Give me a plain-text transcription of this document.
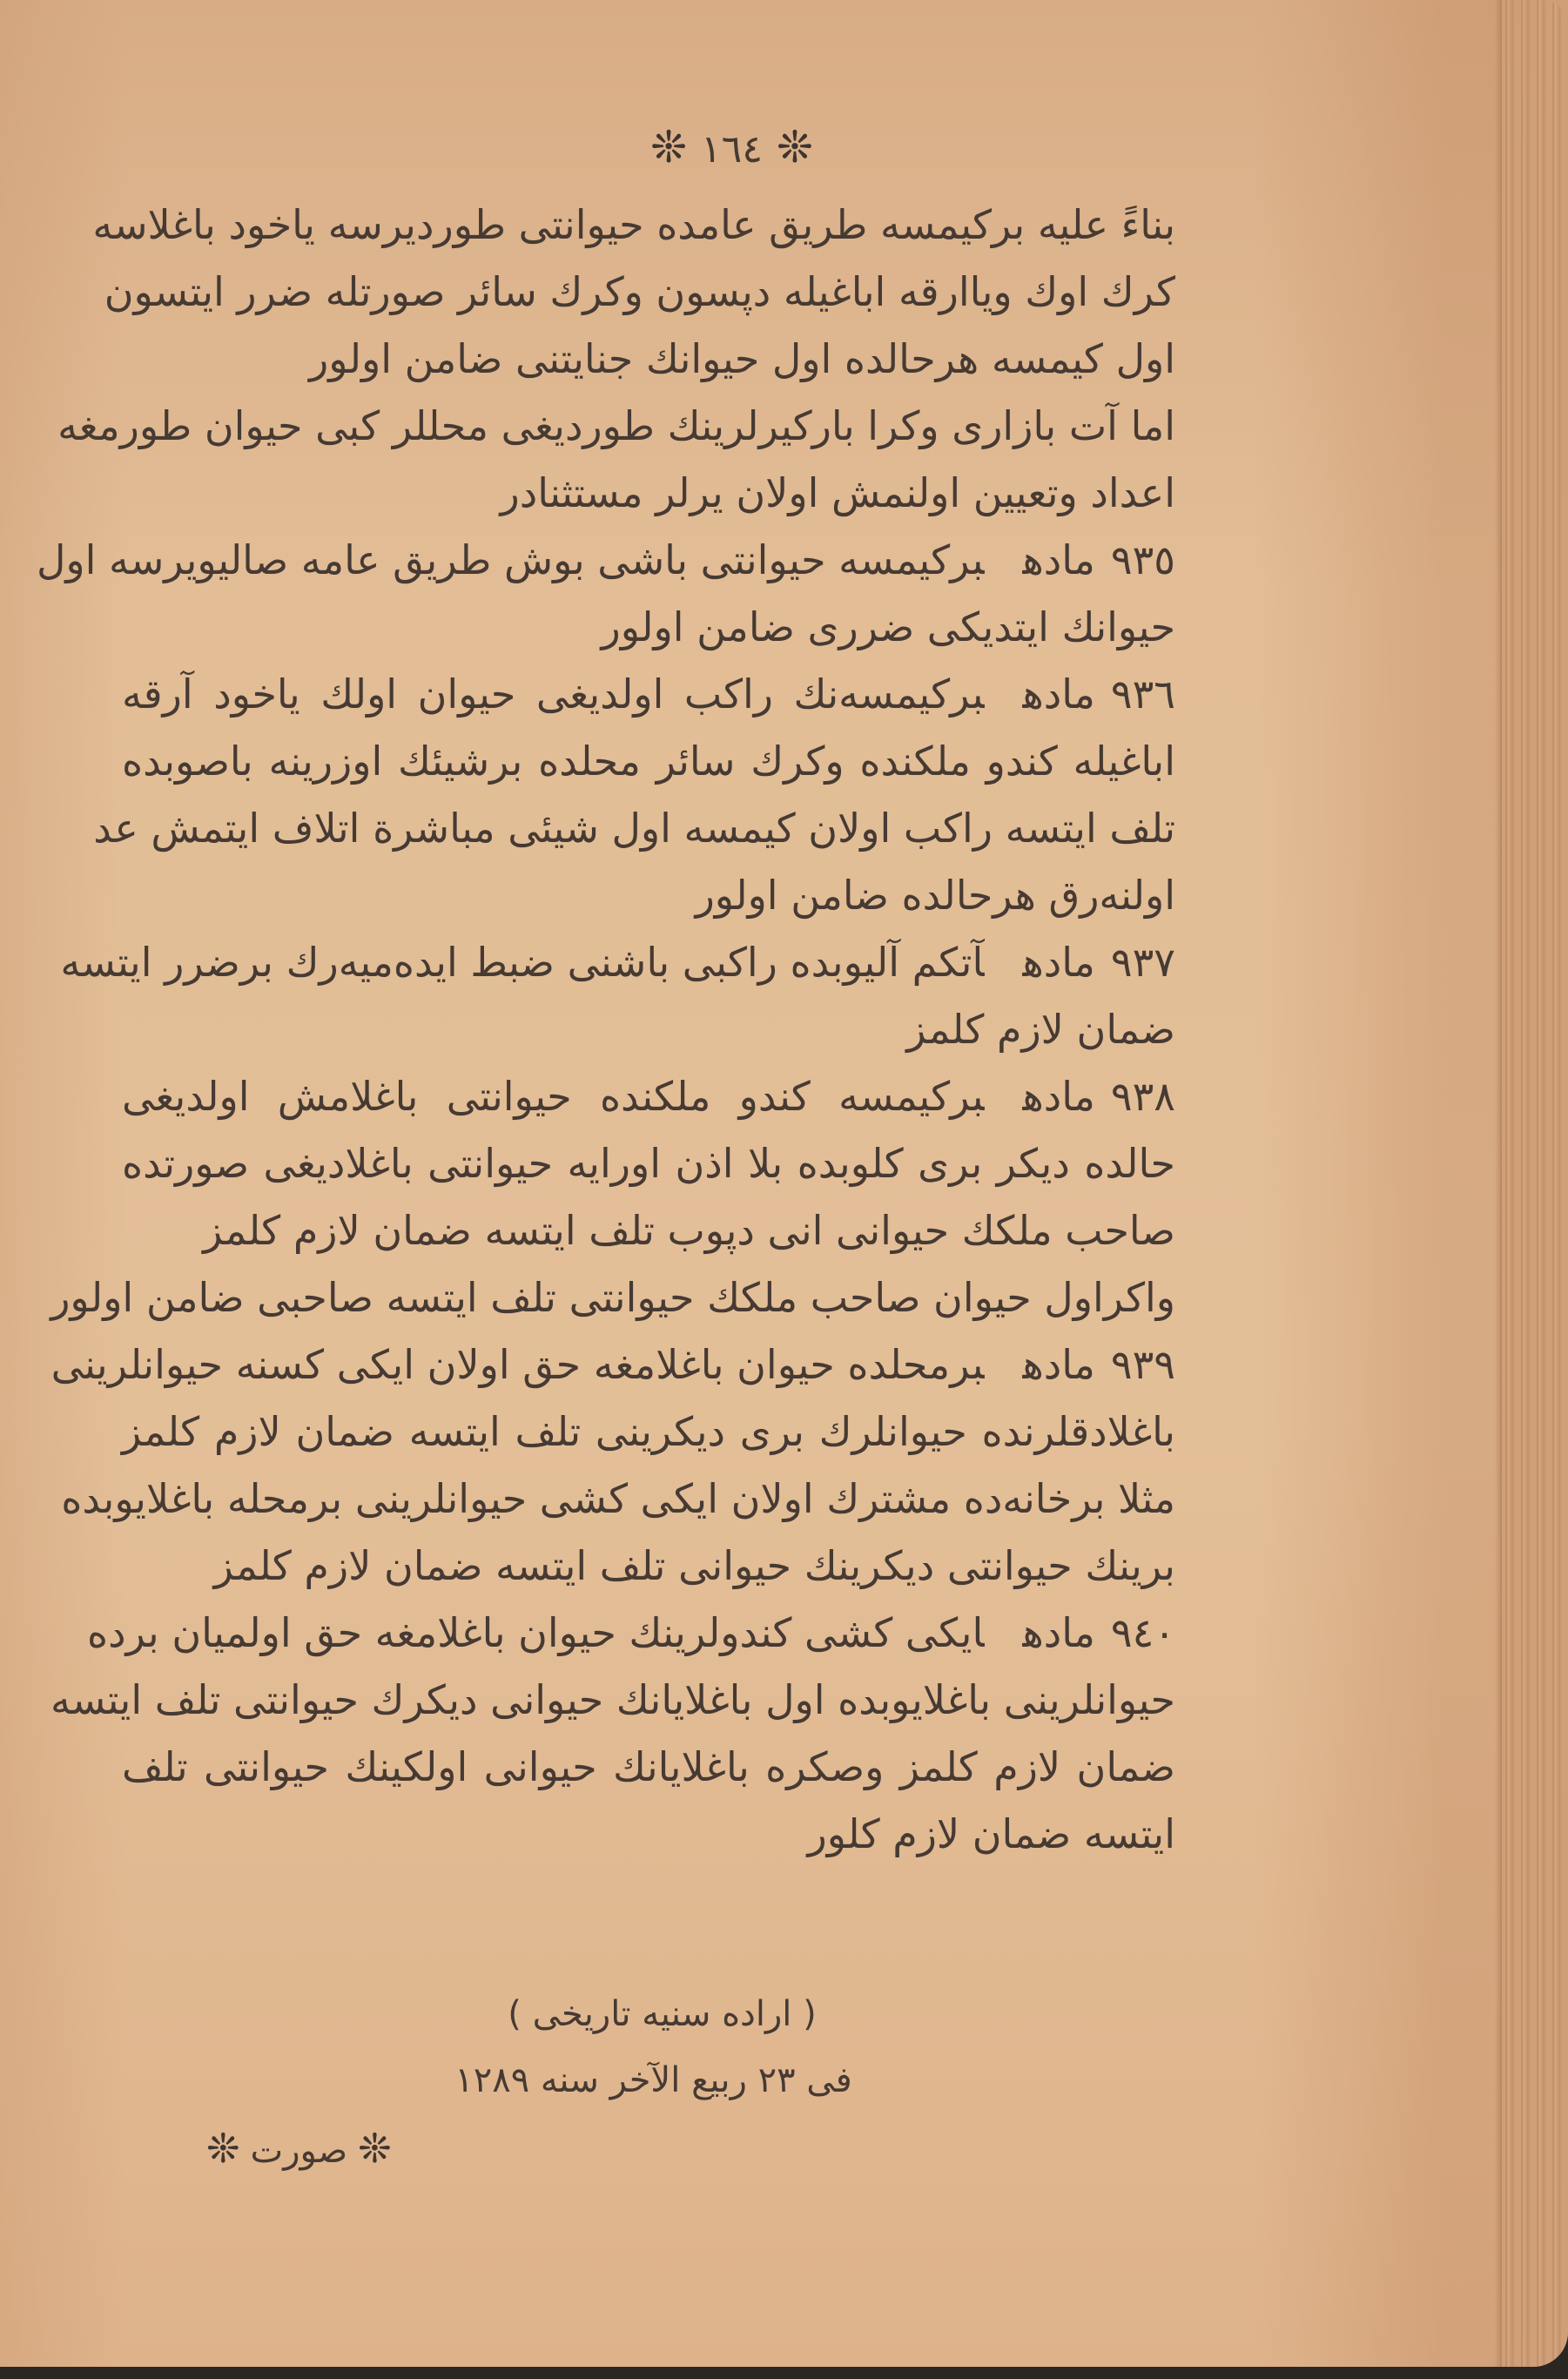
❊ ١٦٤ ❊
بناءً علیه برکیمسه طریق عامده حیوانتی طوردیرسه یاخود باغلاسه
کرك اوك ویاارقه اباغیله دپسون وکرك سائر صورتله ضرر ایتسون
اول کیمسه هرحالده اول حیوانك جنایتنی ضامن اولور
اما آت بازاری وکرا بارکیرلرینك طوردیغی محللر کبی حیوان طورمغه
اعداد وتعیین اولنمش اولان یرلر مستثنادر
٩٣٥مادهبرکیمسه حیوانتی باشی بوش طریق عامه صالیویرسه اول
حیوانك ایتدیکی ضرری ضامن اولور
٩٣٦مادهبرکیمسه‌نك راکب اولدیغی حیوان اولك یاخود آرقه
اباغیله کندو ملکنده وکرك سائر محلده برشیئك اوزرینه باصوبده
تلف ایتسه راکب اولان کیمسه اول شیئی مباشرة اتلاف ایتمش عد
اولنه‌رق هرحالده ضامن اولور
٩٣٧مادهآتکم آلیوبده راکبی باشنی ضبط ایده‌میه‌رك برضرر ایتسه
ضمان لازم کلمز
٩٣٨مادهبرکیمسه کندو ملکنده حیوانتی باغلامش اولدیغی
حالده دیکر بری کلوبده بلا اذن اورایه حیوانتی باغلادیغی صورتده
صاحب ملکك حیوانی انی دپوب تلف ایتسه ضمان لازم کلمز
واکراول حیوان صاحب ملکك حیوانتی تلف ایتسه صاحبی ضامن اولور
٩٣٩مادهبرمحلده حیوان باغلامغه حق اولان ایکی کسنه حیوانلرینی
باغلادقلرنده حیوانلرك بری دیکرینی تلف ایتسه ضمان لازم کلمز
مثلا برخانه‌ده مشترك اولان ایکی کشی حیوانلرینی برمحله باغلایوبده
برینك حیوانتی دیکرینك حیوانی تلف ایتسه ضمان لازم کلمز
٩٤٠مادهایکی کشی کندولرینك حیوان باغلامغه حق اولمیان برده
حیوانلرینی باغلایوبده اول باغلایانك حیوانی دیکرك حیوانتی تلف ایتسه
ضمان لازم کلمز وصکره باغلایانك حیوانی اولکینك حیوانتی تلف
ایتسه ضمان لازم کلور
( اراده سنیه تاریخی )
فی ٢٣ ربیع الآخر سنه ١٢٨٩
❊صورت❊
